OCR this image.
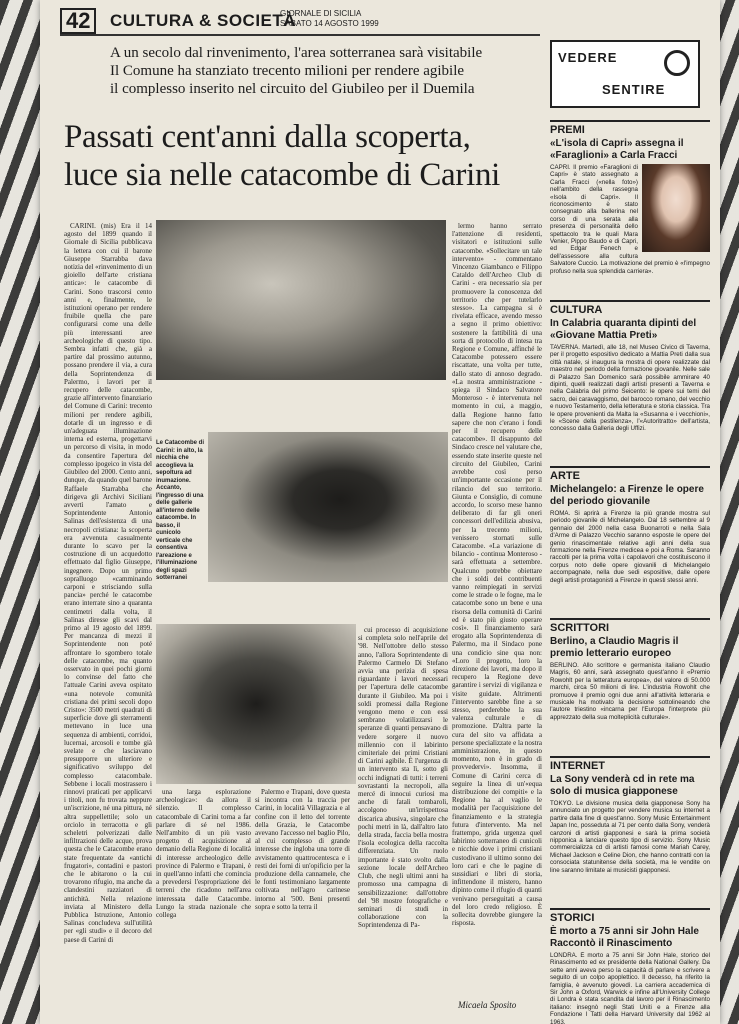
42	CULTURA & SOCIETÀ
GIORNALE DI SICILIA
SABATO 14 AGOSTO 1999
A un secolo dal rinvenimento, l'area sotterranea sarà visitabile
Il Comune ha stanziato trecento milioni per rendere agibile
il complesso inserito nel circuito del Giubileo per il Duemila
Passati cent'anni dalla scoperta,
luce sia nelle catacombe di Carini

CARINI. (mis) Era il 14 agosto del 1899 quando il Giornale di Sicilia pubblicava la lettera con cui il barone Giuseppe Starrabba dava notizia del «rinvenimento di un gioiello dell'arte cristiana antica»: le catacombe di Carini. Sono trascorsi cento anni e, finalmente, le istituzioni operano per rendere fruibile quella che pare configurarsi come una delle più interessanti aree archeologiche di questo tipo. Sembra infatti che, già a partire dal prossimo autunno, possano prendere il via, a cura della Soprintendenza di Palermo, i lavori per il recupero delle catacombe, grazie all'intervento finanziario del Comune di Carini: trecento milioni per rendere agibili, dotarle di un ingresso e di un'adeguata illuminazione interna ed esterna, progettarvi un percorso di visita, in modo da consentire l'apertura del complesso ipogeico in vista del Giubileo del 2000. Cento anni, dunque, da quando quel barone Raffaele Starrabba che dirigeva gli Archivi Siciliani avvertì l'amato e Soprintendente Antonio Salinas dell'esistenza di una necropoli cristiana: la scoperta era avvenuta casualmente durante lo scavo per la costruzione di un acquedotto effettuato dal figlio Giuseppe, ingegnere. Dopo un primo sopralluogo «camminando carponi e strisciando sulla pancia» perché le catacombe erano interrate sino a quaranta centimetri dalla volta, il Salinas diresse gli scavi dal primo al 19 agosto del 1899. Per mancanza di mezzi il Soprintendente non poté affrontare lo sgombero totale delle catacombe, ma quanto osservato in quei pochi giorni lo convinse del fatto che l'attuale Carini aveva ospitato «una notevole comunità cristiana dei primi secoli dopo Cristo»: 3500 metri quadrati di superficie dove gli sterramenti mettevano in luce una sequenza di ambienti, corridoi, lucernai, arcosoli e tombe già svelate e che lasciavano presupporre un ulteriore e significativo sviluppo del complesso catacombale. Sebbene i locali mostrassero i rinnovi praticati per applicarvi i titoli, non fu trovata neppure un'iscrizione, né una pittura, né altra suppellettile; solo un orciolo in terracotta e gli scheletri polverizzati dalle infiltrazioni delle acque, prova questa che le Catacombe erano state frequentate da «antichi frugatori», contadini e pastori che le abitarono o la cui trovarono rifugio, ma anche da clandestini razziatori di antichità. Nella relazione inviata al Ministero della Pubblica Istruzione, Antonio Salinas concludeva sull'utilità per «gli studi» e il decoro del paese di Carini di

Le Catacombe di Carini: in alto, la nicchia che accoglieva la sepoltura ad inumazione. Accanto, l'ingresso di una delle gallerie all'interno delle catacombe. In basso, il cunicolo verticale che consentiva l'areazione e l'illuminazione degli spazi sotterranei

una larga esplorazione archeologica»: da allora il silenzio. Il complesso catacombale di Carini torna a far parlare di sé nel 1986. Nell'ambito di un più vasto progetto di acquisizione al demanio della Regione di località di interesse archeologico delle province di Palermo e Trapani, è in quell'anno infatti che comincia a prevedersi l'espropriazione dei terreni che ricadono nell'area interessata dalle Catacombe. Lungo la strada nazionale che collega

Palermo e Trapani, dove questa si incontra con la traccia per Carini, in località Villagrazia e al confine con il letto del torrente della Grazia, le Catacombe avevano l'accesso nel baglio Pilo, al cui complesso di grande interesse che ingloba una torre di avvistamento quattrocentesca e i resti dei forni di un'opificio per la produzione della cannamele, che le fonti testimoniano largamente coltivata nell'agro carinese intorno al '500. Beni presenti sopra e sotto la terra il

cui processo di acquisizione si completa solo nell'aprile del '98. Nell'ottobre dello stesso anno, l'allora Soprintendente di Palermo Carmelo Di Stefano avvia una perizia di spesa riguardante i lavori necessari per l'apertura delle catacombe durante il Giubileo. Ma poi i soldi promessi dalla Regione vengono meno e con essi sembrano volatilizzarsi le speranze di quanti pensavano di vedere sorgere il nuovo millennio con il labirinto cimiteriale dei primi Cristiani di Carini agibile. È l'urgenza di un intervento sta lì, sotto gli occhi indignati di tutti: i terreni sovrastanti la necropoli, alla mercé di innocui curiosi ma anche di fatali tombaroli, accolgono un'irrispettosa discarica abusiva, singolare che pochi metri in là, dall'altro lato della strada, faccia bella mostra l'isola ecologica della raccolta differenziata. Un ruolo importante è stato svolto dalla sezione locale dell'Archeo Club, che negli ultimi anni ha promosso una campagna di sensibilizzazione: dall'ottobre del '98 mostre fotografiche e seminari di studi in collaborazione con la Soprintendenza di Pa-

lermo hanno serrato l'attenzione di residenti, visitatori e istituzioni sulle catacombe. «Sollecitare un tale intervento» - commentano Vincenzo Giambanco e Filippo Cataldo dell'Archeo Club di Carini - era necessario sia per promuovere la conoscenza del territorio che per tutelarlo stesso». La campagna si è rivelata efficace, avendo messo a segno il primo obiettivo: sostenere la fattibilità di una sorta di protocollo di intesa tra Regione e Comune, affinché le Catacombe potessero essere riscattate, una volta per tutte, dallo stato di annoso degrado. «La nostra amministrazione - spiega il Sindaco Salvatore Monteroso - è intervenuta nel momento in cui, a maggio, dalla Regione hanno fatto sapere che non c'erano i fondi per il recupero delle catacombe». Il disappunto del Sindaco cresce nel valutare che, essendo state inserite queste nel circuito del Giubileo, Carini avrebbe così perso un'importante occasione per il rilancio del suo territorio. Giunta e Consiglio, di comune accordo, lo scorso mese hanno deliberato di far gli oneri concessori dell'edilizia abusiva, per la trecento milioni, venissero stornati sulle Catacombe. «La variazione di bilancio - continua Monteroso - sarà effettuata a settembre. Qualcuno potrebbe obiettare che i soldi dei contribuenti vanno reimpiegati in servizi come le strade o le fogne, ma le catacombe sono un bene e una risorsa della comunità di Carini ed è stato più giusto operare così». Il finanziamento sarà erogato alla Soprintendenza di Palermo, ma il Sindaco pone una condicio sine qua non: «Loro il progetto, loro la direzione dei lavori, ma dopo il recupero la Regione deve garantire i servizi di vigilanza e visite guidate. Altrimenti l'intervento sarebbe fine a se stesso, perderebbe la sua valenza culturale e di promozione. D'altra parte la cura del sito va affidata a persone specializzate e la nostra amministrazione, in questo momento, non è in grado di provvedervi». Insomma, il Comune di Carini cerca di seguire la linea di un'«equa distribuzione dei compiti» e la Regione ha al vaglio le modalità per l'acquisizione del finanziamento e la strategia futura d'intervento. Ma nel frattempo, grida urgenza quel labirinto sotterraneo di cunicoli e nicchie dove i primi cristiani custodivano il ultimo sonno dei loro cari e che le pagine di sussidiari e libri di storia, infittendone il mistero, hanno dipinto come il rifugio di quanti venivano perseguitati a causa del loro credo religioso. È sollecita dovrebbe giungere la risposta.

Micaela Sposito
VEDERE
SENTIRE
PREMI
«L'isola di Capri» assegna il «Faraglioni» a Carla Fracci
CAPRI. Il premio «Faraglioni di Capri» è stato assegnato a Carla Fracci («nella foto») nell'ambito della rassegna «Isola di Capri». Il riconoscimento è stato consegnato alla ballerina nel corso di una serata alla presenza di personalità dello spettacolo tra le quali Mara Venier, Pippo Baudo e di Capri, ed Edgar Fenech e dell'assessore alla cultura Salvatore Cuccio. La motivazione del premio è «l'impegno profuso nella sua splendida carriera».
CULTURA
In Calabria quaranta dipinti del «Giovane Mattia Preti»
TAVERNA. Martedì, alle 18, nel Museo Civico di Taverna, per il progetto espositivo dedicato a Mattia Preti dalla sua città natale, si inaugura la mostra di opere realizzate dal maestro nel periodo della formazione giovanile. Nelle sale di Palazzo San Domenico sarà possibile ammirare 40 dipinti, quelli realizzati dagli artisti presenti a Taverna e nella Calabria del primo Seicento: le opere sui temi del sacro, dei caravaggismo, del barocco romano, del vecchio e nuovo Testamento, della letteratura e storia classica. Tra le opere provenienti da Malta la «Susanna e i vecchioni», le «Scene della pestilenza», l'«Autoritratto» dell'artista, concesso dalla Galleria degli Uffizi.
ARTE
Michelangelo: a Firenze le opere del periodo giovanile
ROMA. Si aprirà a Firenze la più grande mostra sul periodo giovanile di Michelangelo. Dal 18 settembre al 9 gennaio del 2000 nella casa Buonarroti e nella Sala d'Arme di Palazzo Vecchio saranno esposte le opere del genio rinascimentale relative agli anni della sua formazione nella Firenze medicea e poi a Roma. Saranno raccolti per la prima volta i capolavori che costituiscono il corpus noto delle opere giovanili di Michelangelo accompagnate, nella due sedi espositive, dalle opere degli artisti protagonisti a Firenze in questi stessi anni.
SCRITTORI
Berlino, a Claudio Magris il premio letterario europeo
BERLINO. Allo scrittore e germanista italiano Claudio Magris, 60 anni, sarà assegnato quest'anno il «Premio Rowohlt per la letteratura europea», del valore di 50.000 marchi, circa 50 milioni di lire. L'industria Rowohlt che promuove il premio ogni due anni all'attività letteraria e musicale ha motivato la decisione sottolineando che l'autore triestino «incarna per l'Europa l'interprete più apprezzato della sua molteplicità culturale».
INTERNET
La Sony venderà cd in rete ma solo di musica giapponese
TOKYO. Le divisione musica della giapponese Sony ha annunciato un progetto per vendere musica su internet a partire dalla fine di quest'anno. Sony Music Entertainment Japan Inc, posseduta al 71 per cento dalla Sony, venderà canzoni di artisti giapponesi e sarà la prima società nipponica a lanciare questo tipo di servizio. Sony Music commercializza cd di artisti famosi come Mariah Carey, Michael Jackson e Celine Dion, che hanno contratti con la consociata statunitense della società, ma le vendite on line saranno limitate ai musicisti giapponesi.
STORICI
È morto a 75 anni sir John Hale Raccontò il Rinascimento
LONDRA. È morto a 75 anni Sir John Hale, storico del Rinascimento ed ex presidente della National Gallery. Da sette anni aveva perso la capacità di parlare e scrivere a seguito di un colpo apoplettico. Il decesso, ha riferito la famiglia, è avvenuto giovedì. La carriera accademica di Sir John a Oxford, Warwick e infine all'University College di Londra è stata scandita dal lavoro per il Rinascimento italiano: insegnò negli Stati Uniti e a Firenze alla Fondazione I Tatti della Harvard University dal 1962 al 1963.
